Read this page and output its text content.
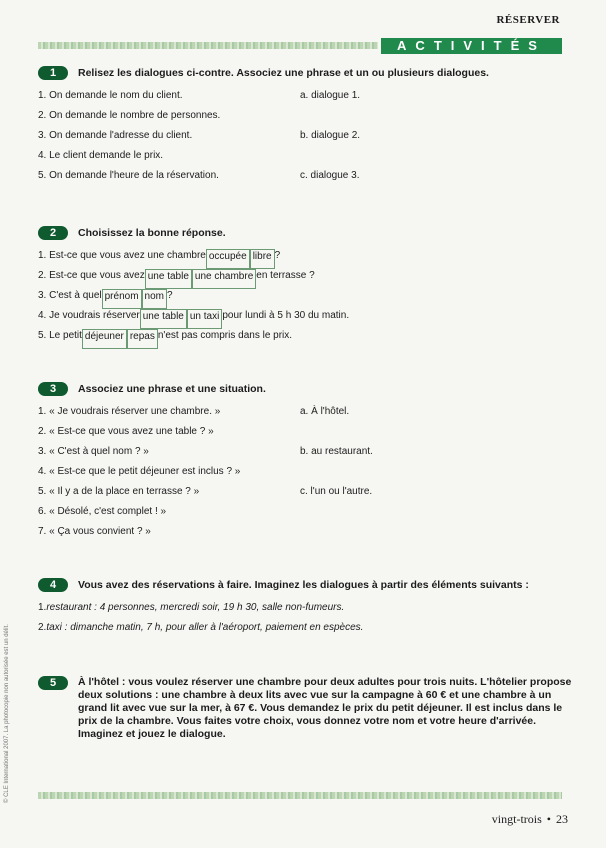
RÉSERVER
ACTIVITÉS
1	Relisez les dialogues ci-contre. Associez une phrase et un ou plusieurs dialogues.
1. On demande le nom du client.	a. dialogue 1.
2. On demande le nombre de personnes.
3. On demande l'adresse du client.	b. dialogue 2.
4. Le client demande le prix.
5. On demande l'heure de la réservation.	c. dialogue 3.
2	Choisissez la bonne réponse.
1. Est-ce que vous avez une chambre occupée libre ?
2. Est-ce que vous avez une table une chambre en terrasse ?
3. C'est à quel prénom nom ?
4. Je voudrais réserver une table un taxi pour lundi à 5 h 30 du matin.
5. Le petit déjeuner repas n'est pas compris dans le prix.
3	Associez une phrase et une situation.
1. « Je voudrais réserver une chambre. »	a. À l'hôtel.
2. « Est-ce que vous avez une table ? »
3. « C'est à quel nom ? »	b. au restaurant.
4. « Est-ce que le petit déjeuner est inclus ? »
5. « Il y a de la place en terrasse ? »	c. l'un ou l'autre.
6. « Désolé, c'est complet ! »
7. « Ça vous convient ? »
4	Vous avez des réservations à faire. Imaginez les dialogues à partir des éléments suivants :
1. restaurant : 4 personnes, mercredi soir, 19 h 30, salle non-fumeurs.
2. taxi : dimanche matin, 7 h, pour aller à l'aéroport, paiement en espèces.
5	À l'hôtel : vous voulez réserver une chambre pour deux adultes pour trois nuits. L'hôtelier propose deux solutions : une chambre à deux lits avec vue sur la campagne à 60 € et une chambre à un grand lit avec vue sur la mer, à 67 €. Vous demandez le prix du petit déjeuner. Il est inclus dans le prix de la chambre. Vous faites votre choix, vous donnez votre nom et votre heure d'arrivée. Imaginez et jouez le dialogue.
vingt-trois • 23
© CLE International 2007. La photocopie non autorisée est un délit.
